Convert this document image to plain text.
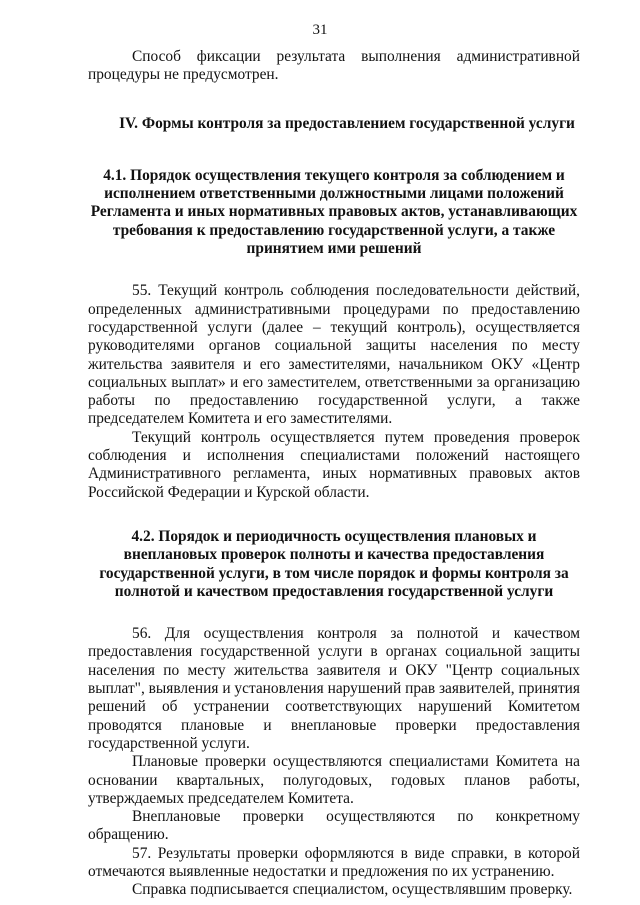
31

Способ фиксации результата выполнения административной процедуры не предусмотрен.

IV. Формы контроля за предоставлением государственной услуги

4.1. Порядок осуществления текущего контроля за соблюдением и исполнением ответственными должностными лицами положений Регламента и иных нормативных правовых актов, устанавливающих требования к предоставлению государственной услуги, а также принятием ими решений

55. Текущий контроль соблюдения последовательности действий, определенных административными процедурами по предоставлению государственной услуги (далее – текущий контроль), осуществляется руководителями органов социальной защиты населения по месту жительства заявителя и его заместителями, начальником ОКУ «Центр социальных выплат» и его заместителем, ответственными за организацию работы по предоставлению государственной услуги, а также председателем Комитета и его заместителями.

Текущий контроль осуществляется путем проведения проверок соблюдения и исполнения специалистами положений настоящего Административного регламента, иных нормативных правовых актов Российской Федерации и Курской области.

4.2. Порядок и периодичность осуществления плановых и внеплановых проверок полноты и качества предоставления государственной услуги, в том числе порядок и формы контроля за полнотой и качеством предоставления государственной услуги

56. Для осуществления контроля за полнотой и качеством предоставления государственной услуги в органах социальной защиты населения по месту жительства заявителя и ОКУ "Центр социальных выплат", выявления и установления нарушений прав заявителей, принятия решений об устранении соответствующих нарушений Комитетом проводятся плановые и внеплановые проверки предоставления государственной услуги.

Плановые проверки осуществляются специалистами Комитета на основании квартальных, полугодовых, годовых планов работы, утверждаемых председателем Комитета.

Внеплановые проверки осуществляются по конкретному обращению.

57. Результаты проверки оформляются в виде справки, в которой отмечаются выявленные недостатки и предложения по их устранению.

Справка подписывается специалистом, осуществлявшим проверку.
